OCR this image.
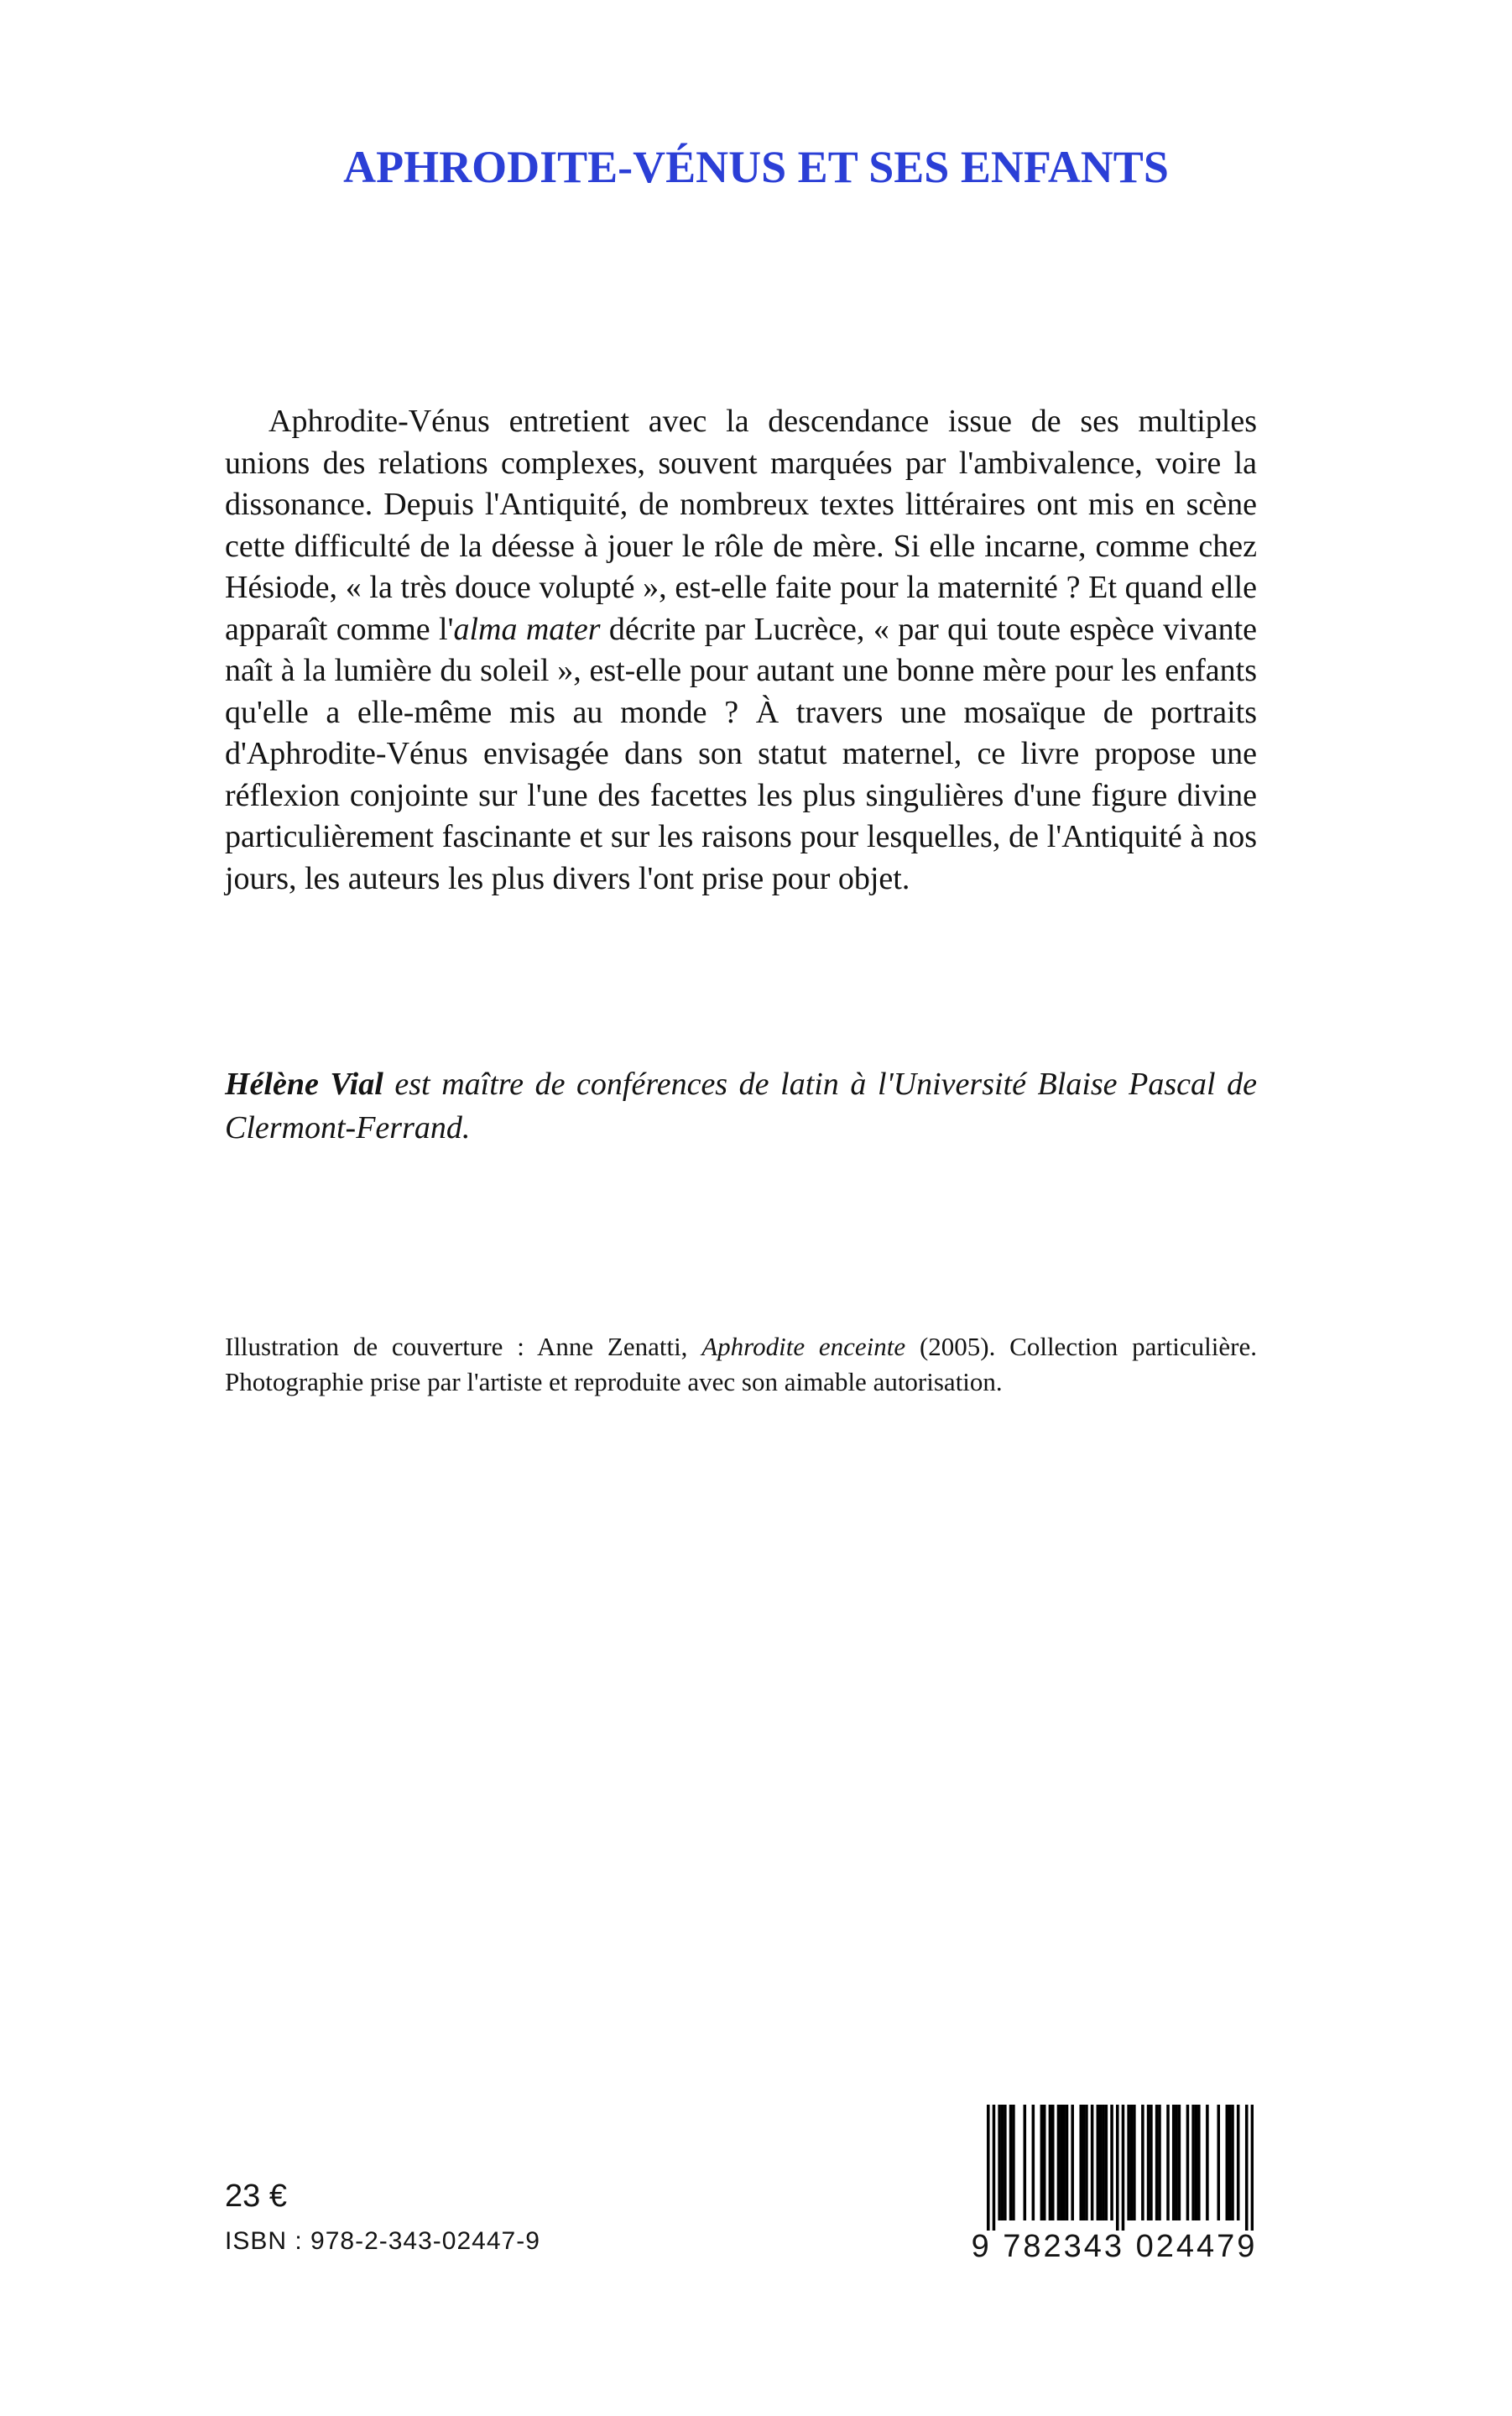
APHRODITE-VÉNUS ET SES ENFANTS

Aphrodite-Vénus entretient avec la descendance issue de ses multiples unions des relations complexes, souvent marquées par l'ambivalence, voire la dissonance. Depuis l'Antiquité, de nombreux textes littéraires ont mis en scène cette difficulté de la déesse à jouer le rôle de mère. Si elle incarne, comme chez Hésiode, « la très douce volupté », est-elle faite pour la maternité ? Et quand elle apparaît comme l'alma mater décrite par Lucrèce, « par qui toute espèce vivante naît à la lumière du soleil », est-elle pour autant une bonne mère pour les enfants qu'elle a elle-même mis au monde ? À travers une mosaïque de portraits d'Aphrodite-Vénus envisagée dans son statut maternel, ce livre propose une réflexion conjointe sur l'une des facettes les plus singulières d'une figure divine particulièrement fascinante et sur les raisons pour lesquelles, de l'Antiquité à nos jours, les auteurs les plus divers l'ont prise pour objet.

Hélène Vial est maître de conférences de latin à l'Université Blaise Pascal de Clermont-Ferrand.

Illustration de couverture : Anne Zenatti, Aphrodite enceinte (2005). Collection particulière. Photographie prise par l'artiste et reproduite avec son aimable autorisation.

23 €

ISBN : 978-2-343-02447-9	9 782343 024479
